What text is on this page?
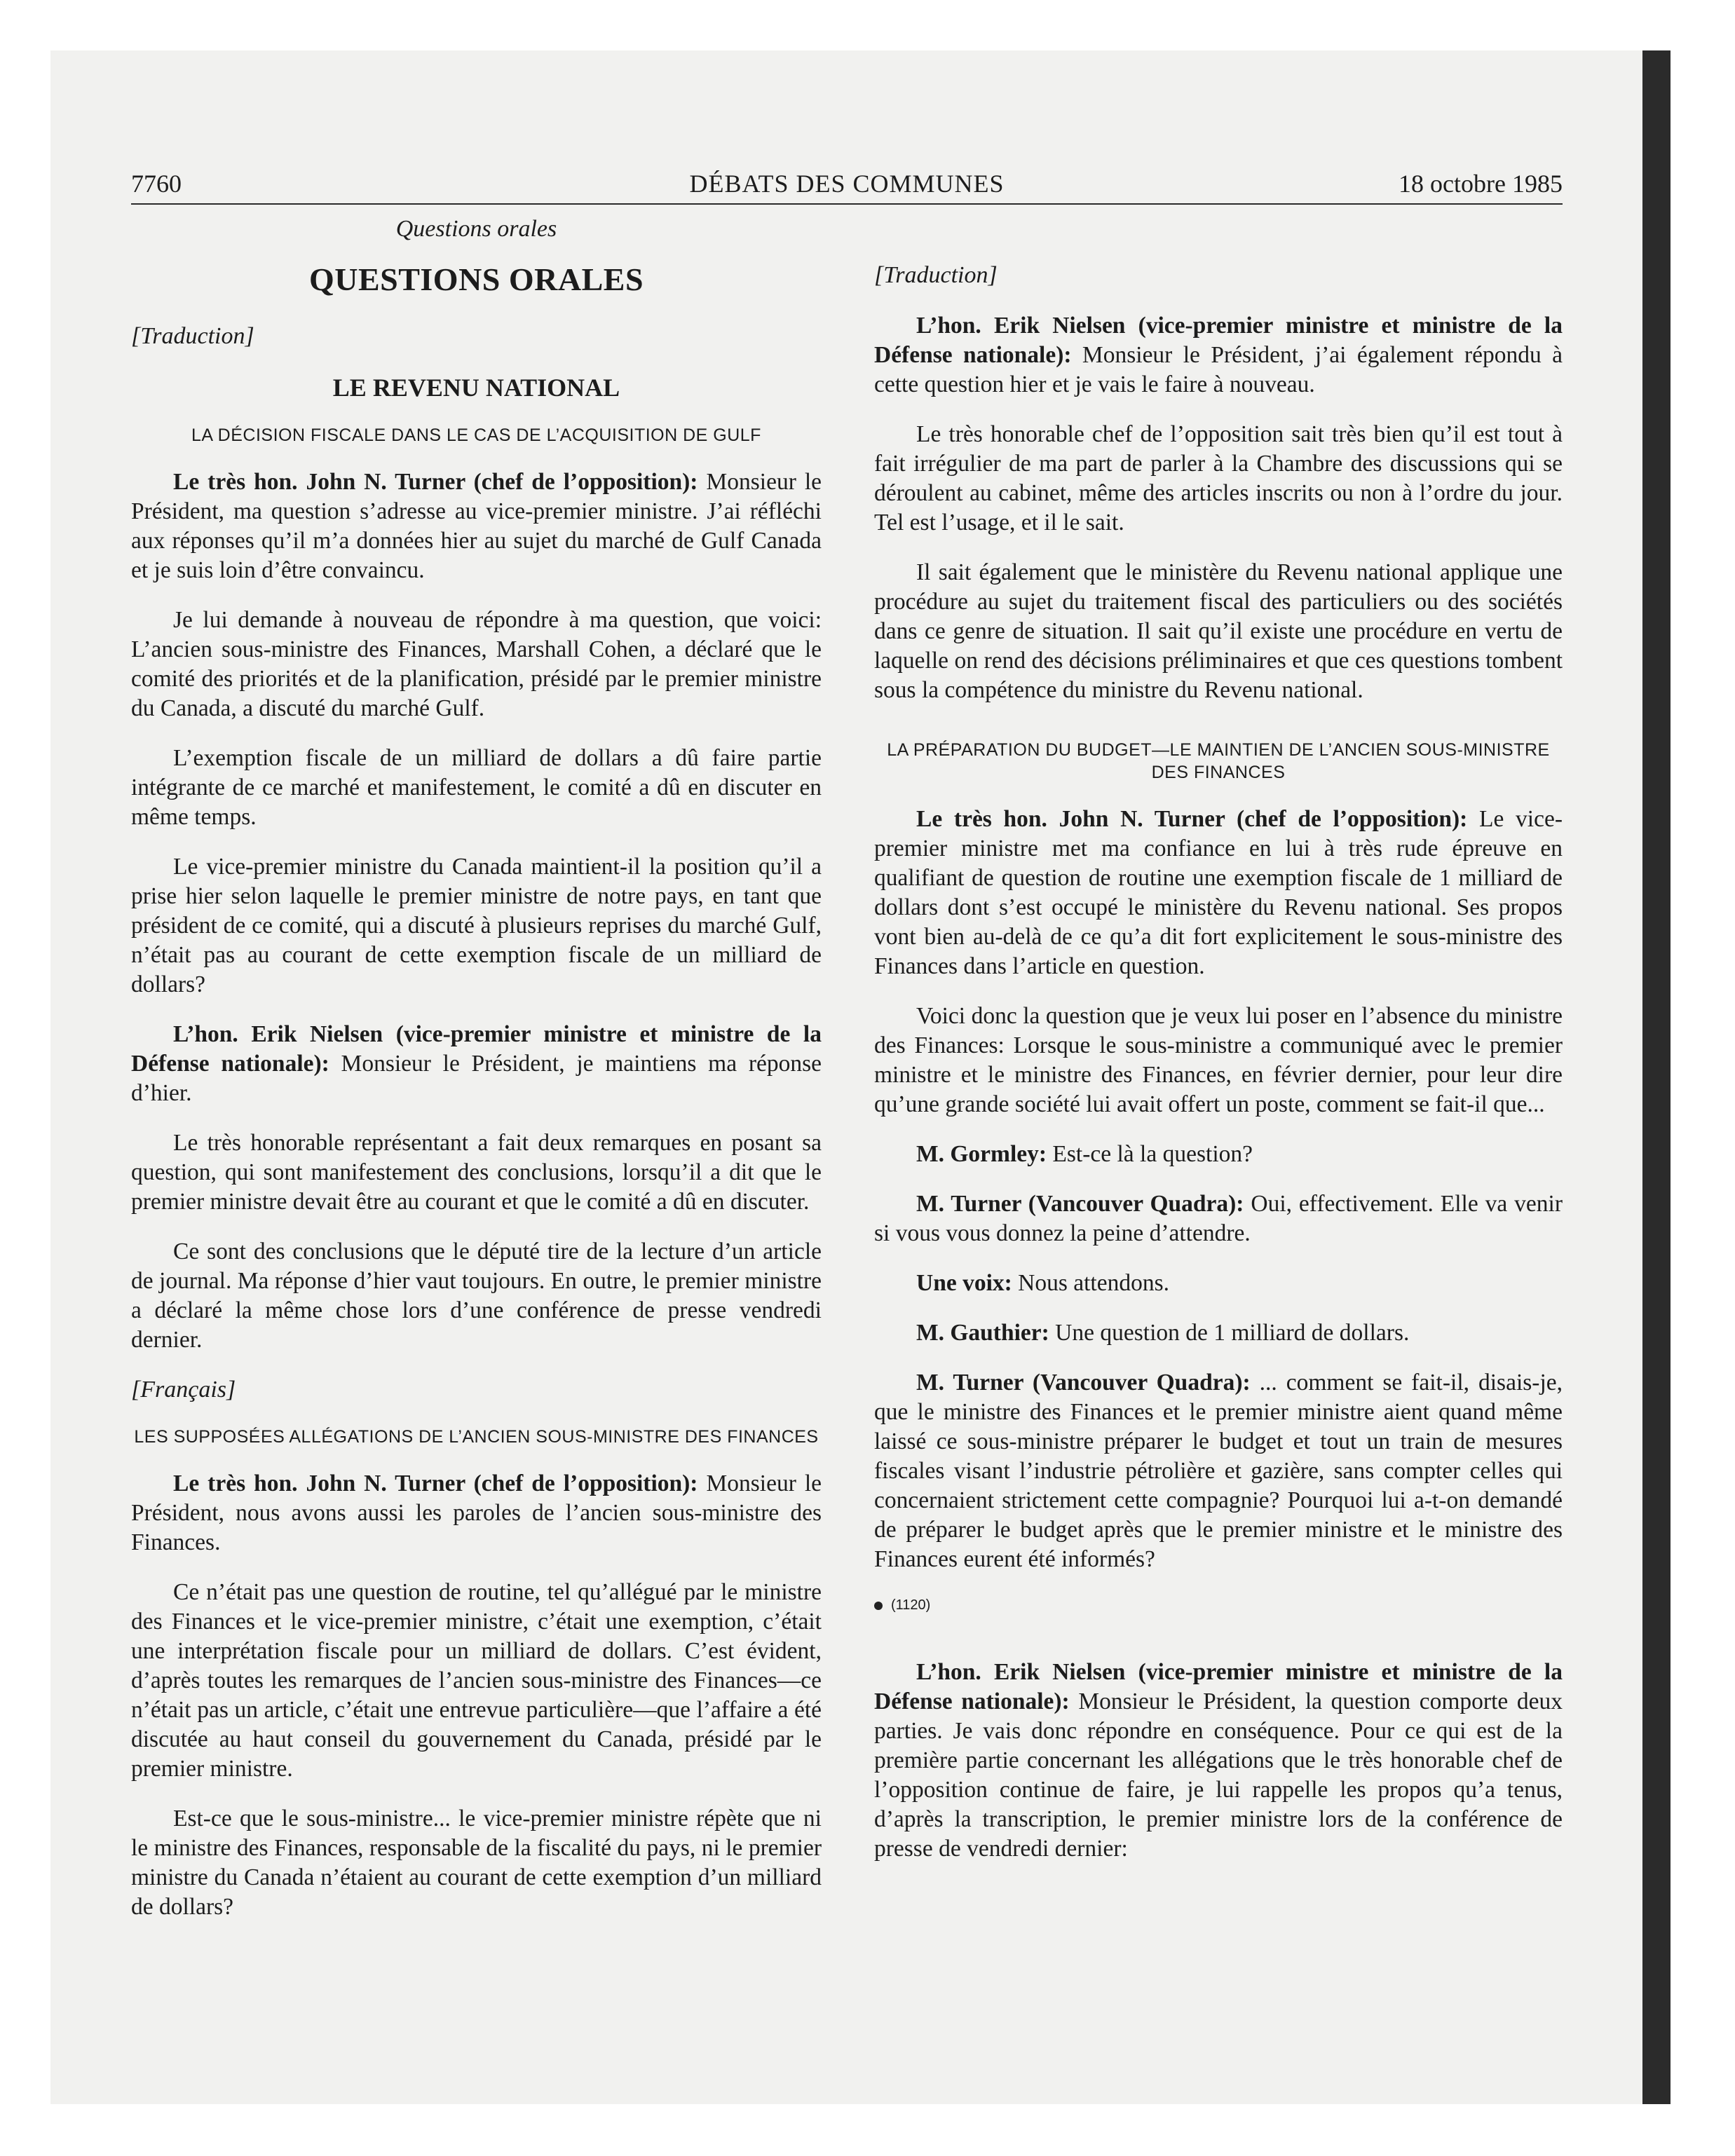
7760	DÉBATS DES COMMUNES	18 octobre 1985
Questions orales
QUESTIONS ORALES

[Traduction]

LE REVENU NATIONAL
LA DÉCISION FISCALE DANS LE CAS DE L’ACQUISITION DE GULF

Le très hon. John N. Turner (chef de l’opposition): Monsieur le Président, ma question s’adresse au vice-premier ministre. J’ai réfléchi aux réponses qu’il m’a données hier au sujet du marché de Gulf Canada et je suis loin d’être convaincu.

Je lui demande à nouveau de répondre à ma question, que voici: L’ancien sous-ministre des Finances, Marshall Cohen, a déclaré que le comité des priorités et de la planification, présidé par le premier ministre du Canada, a discuté du marché Gulf.

L’exemption fiscale de un milliard de dollars a dû faire partie intégrante de ce marché et manifestement, le comité a dû en discuter en même temps.

Le vice-premier ministre du Canada maintient-il la position qu’il a prise hier selon laquelle le premier ministre de notre pays, en tant que président de ce comité, qui a discuté à plusieurs reprises du marché Gulf, n’était pas au courant de cette exemption fiscale de un milliard de dollars?

L’hon. Erik Nielsen (vice-premier ministre et ministre de la Défense nationale): Monsieur le Président, je maintiens ma réponse d’hier.

Le très honorable représentant a fait deux remarques en posant sa question, qui sont manifestement des conclusions, lorsqu’il a dit que le premier ministre devait être au courant et que le comité a dû en discuter.

Ce sont des conclusions que le député tire de la lecture d’un article de journal. Ma réponse d’hier vaut toujours. En outre, le premier ministre a déclaré la même chose lors d’une conférence de presse vendredi dernier.

[Français]

LES SUPPOSÉES ALLÉGATIONS DE L’ANCIEN SOUS-MINISTRE DES FINANCES

Le très hon. John N. Turner (chef de l’opposition): Monsieur le Président, nous avons aussi les paroles de l’ancien sous-ministre des Finances.

Ce n’était pas une question de routine, tel qu’allégué par le ministre des Finances et le vice-premier ministre, c’était une exemption, c’était une interprétation fiscale pour un milliard de dollars. C’est évident, d’après toutes les remarques de l’ancien sous-ministre des Finances—ce n’était pas un article, c’était une entrevue particulière—que l’affaire a été discutée au haut conseil du gouvernement du Canada, présidé par le premier ministre.

Est-ce que le sous-ministre... le vice-premier ministre répète que ni le ministre des Finances, responsable de la fiscalité du pays, ni le premier ministre du Canada n’étaient au courant de cette exemption d’un milliard de dollars?

[Traduction]

L’hon. Erik Nielsen (vice-premier ministre et ministre de la Défense nationale): Monsieur le Président, j’ai également répondu à cette question hier et je vais le faire à nouveau.

Le très honorable chef de l’opposition sait très bien qu’il est tout à fait irrégulier de ma part de parler à la Chambre des discussions qui se déroulent au cabinet, même des articles inscrits ou non à l’ordre du jour. Tel est l’usage, et il le sait.

Il sait également que le ministère du Revenu national applique une procédure au sujet du traitement fiscal des particuliers ou des sociétés dans ce genre de situation. Il sait qu’il existe une procédure en vertu de laquelle on rend des décisions préliminaires et que ces questions tombent sous la compétence du ministre du Revenu national.

LA PRÉPARATION DU BUDGET—LE MAINTIEN DE L’ANCIEN SOUS-MINISTRE DES FINANCES

Le très hon. John N. Turner (chef de l’opposition): Le vice-premier ministre met ma confiance en lui à très rude épreuve en qualifiant de question de routine une exemption fiscale de 1 milliard de dollars dont s’est occupé le ministère du Revenu national. Ses propos vont bien au-delà de ce qu’a dit fort explicitement le sous-ministre des Finances dans l’article en question.

Voici donc la question que je veux lui poser en l’absence du ministre des Finances: Lorsque le sous-ministre a communiqué avec le premier ministre et le ministre des Finances, en février dernier, pour leur dire qu’une grande société lui avait offert un poste, comment se fait-il que...

M. Gormley: Est-ce là la question?

M. Turner (Vancouver Quadra): Oui, effectivement. Elle va venir si vous vous donnez la peine d’attendre.

Une voix: Nous attendons.

M. Gauthier: Une question de 1 milliard de dollars.

M. Turner (Vancouver Quadra): ... comment se fait-il, disais-je, que le ministre des Finances et le premier ministre aient quand même laissé ce sous-ministre préparer le budget et tout un train de mesures fiscales visant l’industrie pétrolière et gazière, sans compter celles qui concernaient strictement cette compagnie? Pourquoi lui a-t-on demandé de préparer le budget après que le premier ministre et le ministre des Finances eurent été informés?

(1120)

L’hon. Erik Nielsen (vice-premier ministre et ministre de la Défense nationale): Monsieur le Président, la question comporte deux parties. Je vais donc répondre en conséquence. Pour ce qui est de la première partie concernant les allégations que le très honorable chef de l’opposition continue de faire, je lui rappelle les propos qu’a tenus, d’après la transcription, le premier ministre lors de la conférence de presse de vendredi dernier:
